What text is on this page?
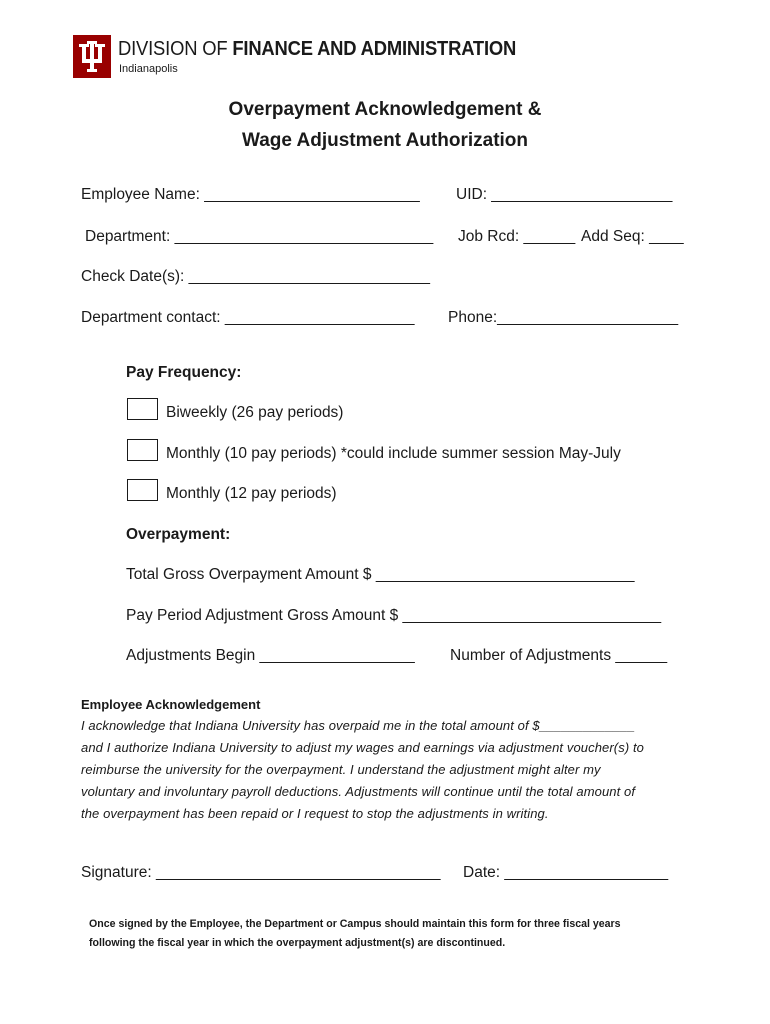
DIVISION OF FINANCE AND ADMINISTRATION
Indianapolis
Overpayment Acknowledgement &
Wage Adjustment Authorization
Employee Name: _________________________ UID: _____________________
Department: ______________________________ Job Rcd: ______ Add Seq: ____
Check Date(s): ____________________________
Department contact: ______________________ Phone:_____________________
Pay Frequency:
___ Biweekly (26 pay periods)
Monthly (10 pay periods) *could include summer session May-July
Monthly (12 pay periods)
Overpayment:
Total Gross Overpayment Amount $ ______________________________
Pay Period Adjustment Gross Amount $ ______________________________
Adjustments Begin __________________ Number of Adjustments ______
Employee Acknowledgement
I acknowledge that Indiana University has overpaid me in the total amount of $_____________
and I authorize Indiana University to adjust my wages and earnings via adjustment voucher(s) to
reimburse the university for the overpayment. I understand the adjustment might alter my
voluntary and involuntary payroll deductions. Adjustments will continue until the total amount of
the overpayment has been repaid or I request to stop the adjustments in writing.
Signature: _________________________________ Date: ___________________
Once signed by the Employee, the Department or Campus should maintain this form for three fiscal years
following the fiscal year in which the overpayment adjustment(s) are discontinued.
